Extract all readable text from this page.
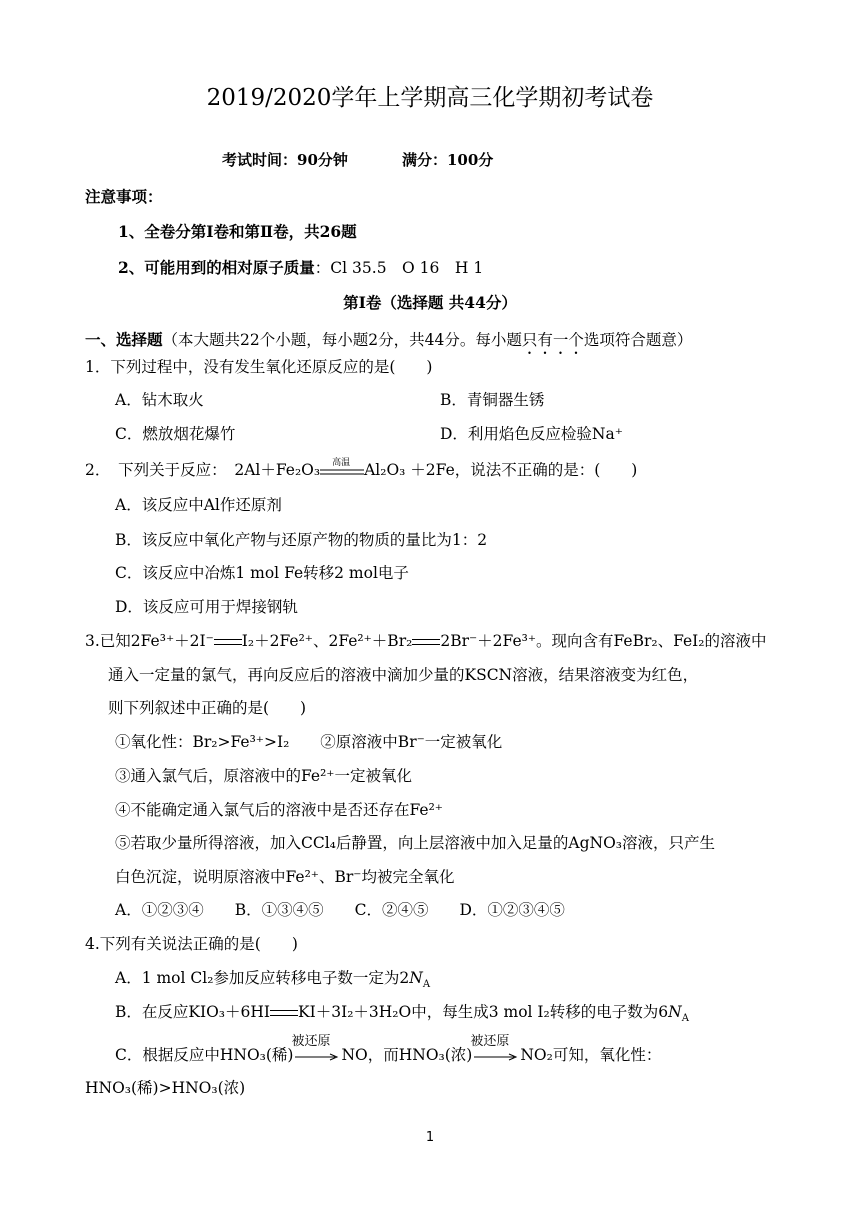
2019/2020学年上学期高三化学期初考试卷
考试时间：90分钟	满分：100分
注意事项：
1、全卷分第Ⅰ卷和第Ⅱ卷，共26题
2、可能用到的相对原子质量：Cl 35.5　O 16　H 1
第Ⅰ卷（选择题 共44分）
一、选择题（本大题共22个小题，每小题2分，共44分。每小题只有一个选项符合题意）
1．下列过程中，没有发生氧化还原反应的是(　　)
A．钻木取火	B．青铜器生锈
C．燃放烟花爆竹	D．利用焰色反应检验Na⁺
2．　下列关于反应：　2Al＋Fe₂O₃ 高温 Al₂O₃ ＋2Fe，说法不正确的是：(　　)
A．该反应中Al作还原剂
B．该反应中氧化产物与还原产物的物质的量比为1：2
C．该反应中冶炼1 mol Fe转移2 mol电子
D．该反应可用于焊接钢轨
3.已知2Fe³⁺＋2I⁻ I₂＋2Fe²⁺、2Fe²⁺＋Br₂ 2Br⁻＋2Fe³⁺。现向含有FeBr₂、FeI₂的溶液中
通入一定量的氯气，再向反应后的溶液中滴加少量的KSCN溶液，结果溶液变为红色，
则下列叙述中正确的是(　　)
①氧化性：Br₂>Fe³⁺>I₂　　②原溶液中Br⁻一定被氧化
③通入氯气后，原溶液中的Fe²⁺一定被氧化
④不能确定通入氯气后的溶液中是否还存在Fe²⁺
⑤若取少量所得溶液，加入CCl₄后静置，向上层溶液中加入足量的AgNO₃溶液，只产生
白色沉淀，说明原溶液中Fe²⁺、Br⁻均被完全氧化
A．①②③④　　B．①③④⑤　　C．②④⑤　　D．①②③④⑤
4.下列有关说法正确的是(　　)
A．1 mol Cl₂参加反应转移电子数一定为$2N_A$
B．在反应KIO₃＋6HI KI＋3I₂＋3H₂O中，每生成3 mol I₂转移的电子数为$6N_A$
C．根据反应中HNO₃(稀)
被还原
NO，而HNO₃(浓)
被还原
NO₂可知，氧化性：
HNO₃(稀)>HNO₃(浓)
1
